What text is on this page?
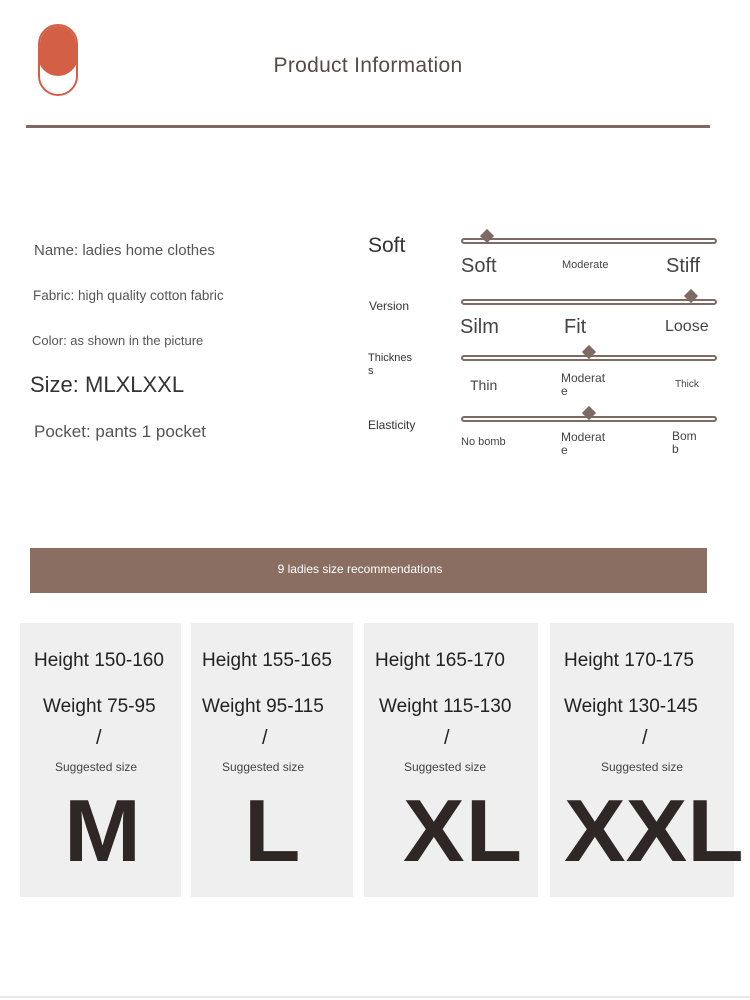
Product Information
Name: ladies home clothes
Fabric: high quality cotton fabric
Color: as shown in the picture
Size: MLXLXXL
Pocket: pants 1 pocket
Soft
Soft	Moderate	Stiff
Version
Silm	Fit	Loose
Thicknes s
Thin	Moderat e	Thick
Elasticity
No bomb	Moderat e
Bom b
9 ladies size recommendations
Height 150-160
Weight 75-95
/
Suggested size
M
Height 155-165
Weight 95-115
/
Suggested size
L
Height 165-170
Weight 115-130
/
Suggested size
XL
Height 170-175
Weight 130-145
/
Suggested size
XXL
